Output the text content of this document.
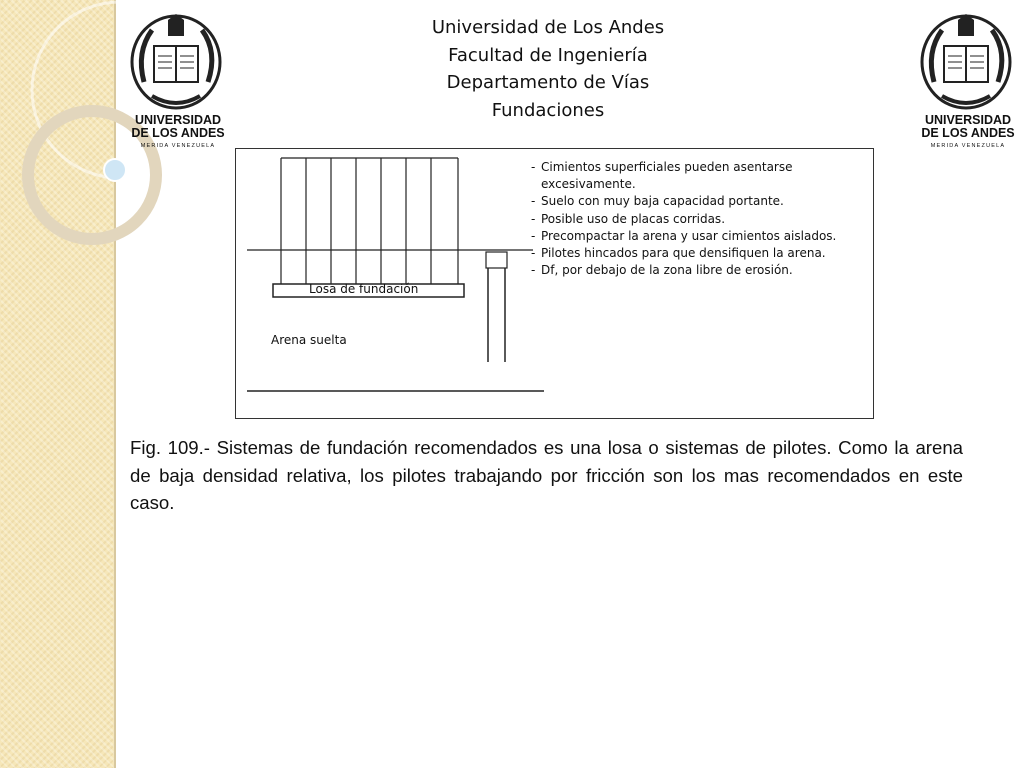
UNIVERSIDAD
DE LOS ANDES
MERIDA VENEZUELA
UNIVERSIDAD
DE LOS ANDES
MERIDA VENEZUELA
Universidad de Los Andes
Facultad de Ingeniería
Departamento de Vías
Fundaciones
Losa de fundación
Arena suelta
- Cimientos superficiales pueden asentarse excesivamente.
- Suelo con muy baja capacidad portante.
- Posible uso de placas corridas.
- Precompactar la arena y usar cimientos aislados.
- Pilotes hincados para que densifiquen la arena.
- Df, por debajo de la zona libre de erosión.
Fig. 109.- Sistemas de fundación recomendados es una losa o sistemas de pilotes. Como la arena de baja densidad relativa, los pilotes trabajando por fricción son los mas recomendados en este caso.
